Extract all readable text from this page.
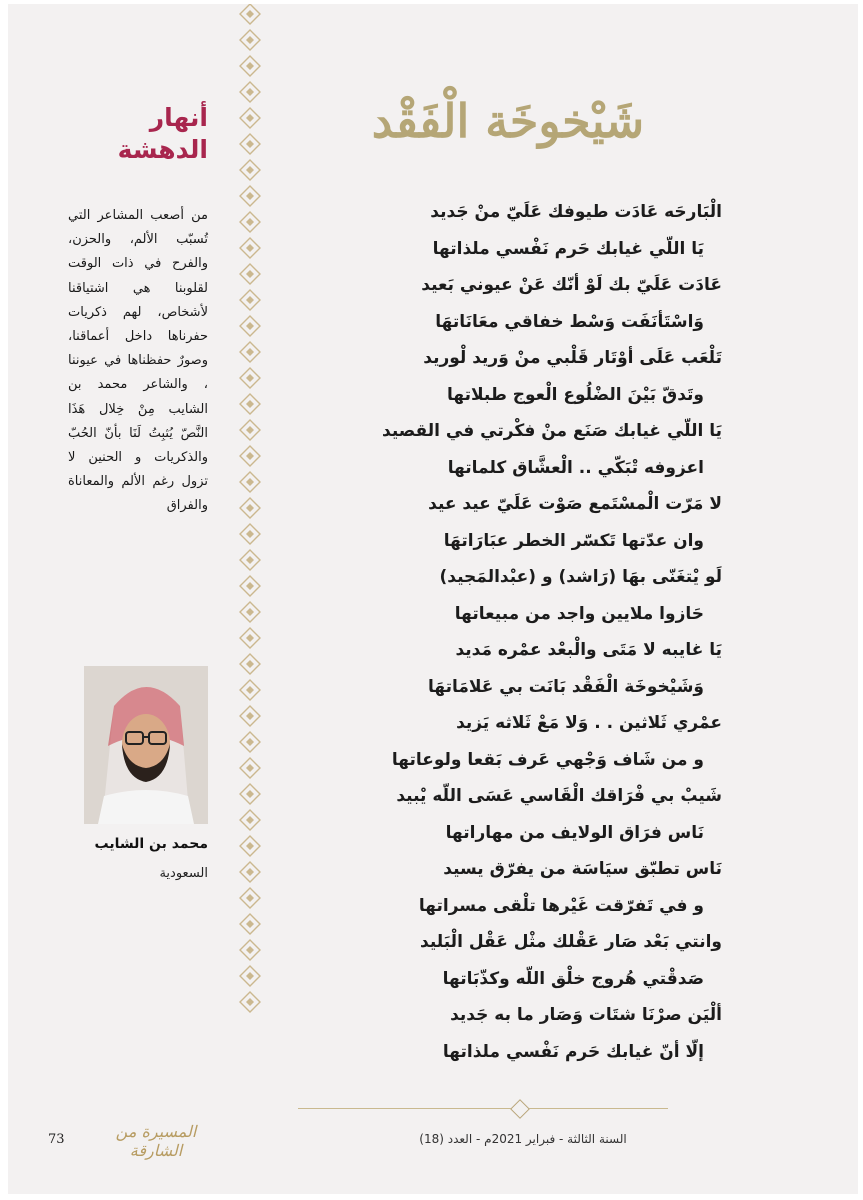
شَيْخوخَة الْفَقْد
الْبَارحَه عَادَت طيوفك عَلَيّ منْ جَديد
يَا اللّي غيابك حَرم نَفْسي ملذاتها
عَادَت عَلَيّ بك لَوْ أنّك عَنْ عيوني بَعيد
وَاسْتَأنَفَت وَسْط خفاقي معَانَاتهَا
تَلْعَب عَلَى أوْتَار قَلْبي منْ وَريد لْوريد
وتَدقّ بَيْنَ الضْلُوع الْعوج طبلاتها
يَا اللّي غيابك صَنَع منْ فكْرتي في القصيد
اعزوفه تْبَكّي .. الْعشَّاق كلماتها
لا مَرّت الْمسْتَمع صَوْت عَلَيّ عيد عيد
وان عدّتها تَكسّر الخطر عبَارَاتهَا
لَو يْتغَنّى بهَا (رَاشد) و (عبْدالمَجيد)
حَازوا ملايين واجد من مبيعاتها
يَا غايبه لا مَتَى والْبعْد عمْره مَديد
وَشَيْخوخَة الْفَقْد بَانَت بي عَلامَاتهَا
عمْري ثَلاثين . . وَلا مَعْ ثَلاثه يَزيد
و من شَاف وَجْهي عَرف بَقعا ولوعاتها
شَيبْ بي فْرَاقك الْقَاسي عَسَى اللّه يْبيد
نَاس فرَاق الولايف من مهاراتها
نَاس تطبّق سيَاسَة من يفرّق يسيد
و في تَفرّقت غَيْرها تلْقى مسراتها
وانتي بَعْد صَار عَقْلك مثْل عَقْل الْبَليد
صَدقْتي هُروج خلْق اللّه وكذّبَاتها
ألْيَن صرْنَا شتَات وَصَار ما به جَديد
إلّا أنّ غيابك حَرم نَفْسي ملذاتها
أنهار
الدهشة

من أصعب المشاعر التي تُسبّب الألم، والحزن، والفرح في ذات الوقت لقلوبنا هي اشتياقنا لأشخاص، لهم ذكريات حفرناها داخل أعماقنا، وصورٌ حفظناها في عيوننا ، والشاعر محمد بن الشايب مِنْ خِلال هَذَا النَّصّ يُثبِتُ لَنَا بأنّ الحُبّ والذكريات و الحنين لا تزول رغم الألم والمعاناة والفراق

محمد بن الشايب
السعودية
السنة الثالثة - فبراير 2021م - العدد (18)
المسيرة من الشارقة
73
